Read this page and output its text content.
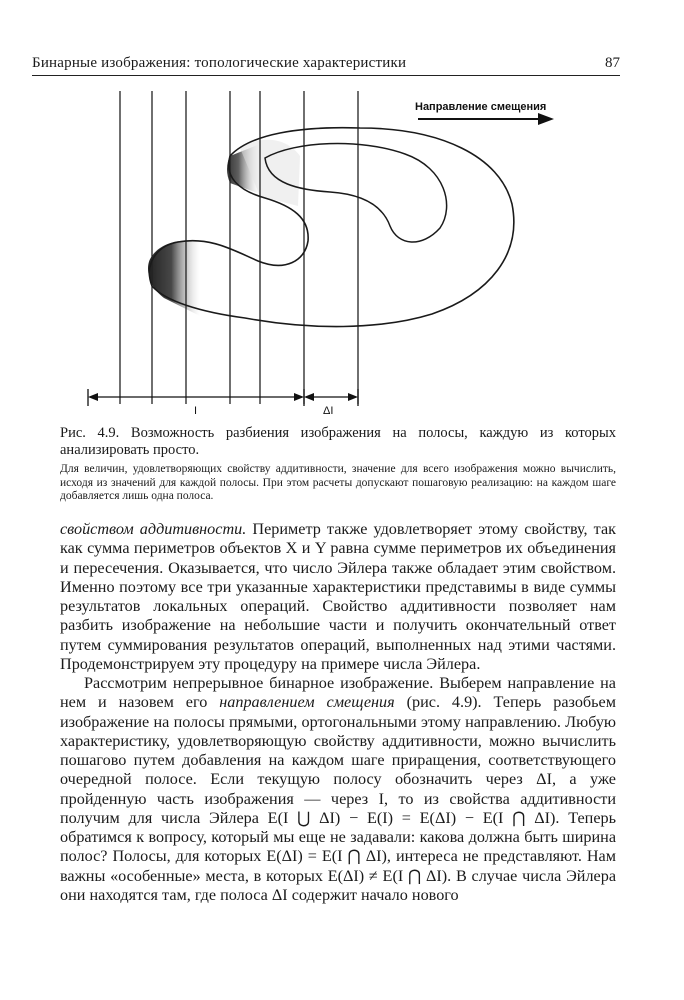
Бинарные изображения: топологические характеристики	87
Направление смещения
I	ΔI
Рис. 4.9. Возможность разбиения изображения на полосы, каждую из которых анализировать просто.
Для величин, удовлетворяющих свойству аддитивности, значение для всего изображения можно вычислить, исходя из значений для каждой полосы. При этом расчеты допускают пошаговую реализацию: на каждом шаге добавляется лишь одна полоса.

свойством аддитивности. Периметр также удовлетворяет этому свойству, так как сумма периметров объектов X и Y равна сумме периметров их объединения и пересечения. Оказывается, что число Эйлера также обладает этим свойством. Именно поэтому все три указанные характеристики представимы в виде суммы результатов локальных операций. Свойство аддитивности позволяет нам разбить изображение на небольшие части и получить окончательный ответ путем суммирования результатов операций, выполненных над этими частями. Продемонстрируем эту процедуру на примере числа Эйлера.

Рассмотрим непрерывное бинарное изображение. Выберем направление на нем и назовем его направлением смещения (рис. 4.9). Теперь разобьем изображение на полосы прямыми, ортогональными этому направлению. Любую характеристику, удовлетворяющую свойству аддитивности, можно вычислить пошагово путем добавления на каждом шаге приращения, соответствующего очередной полосе. Если текущую полосу обозначить через ΔI, а уже пройденную часть изображения — через I, то из свойства аддитивности получим для числа Эйлера E(I ⋃ ΔI) − E(I) = E(ΔI) − E(I ⋂ ΔI). Теперь обратимся к вопросу, который мы еще не задавали: какова должна быть ширина полос? Полосы, для которых E(ΔI) = E(I ⋂ ΔI), интереса не представляют. Нам важны «особенные» места, в которых E(ΔI) ≠ E(I ⋂ ΔI). В случае числа Эйлера они находятся там, где полоса ΔI содержит начало нового
